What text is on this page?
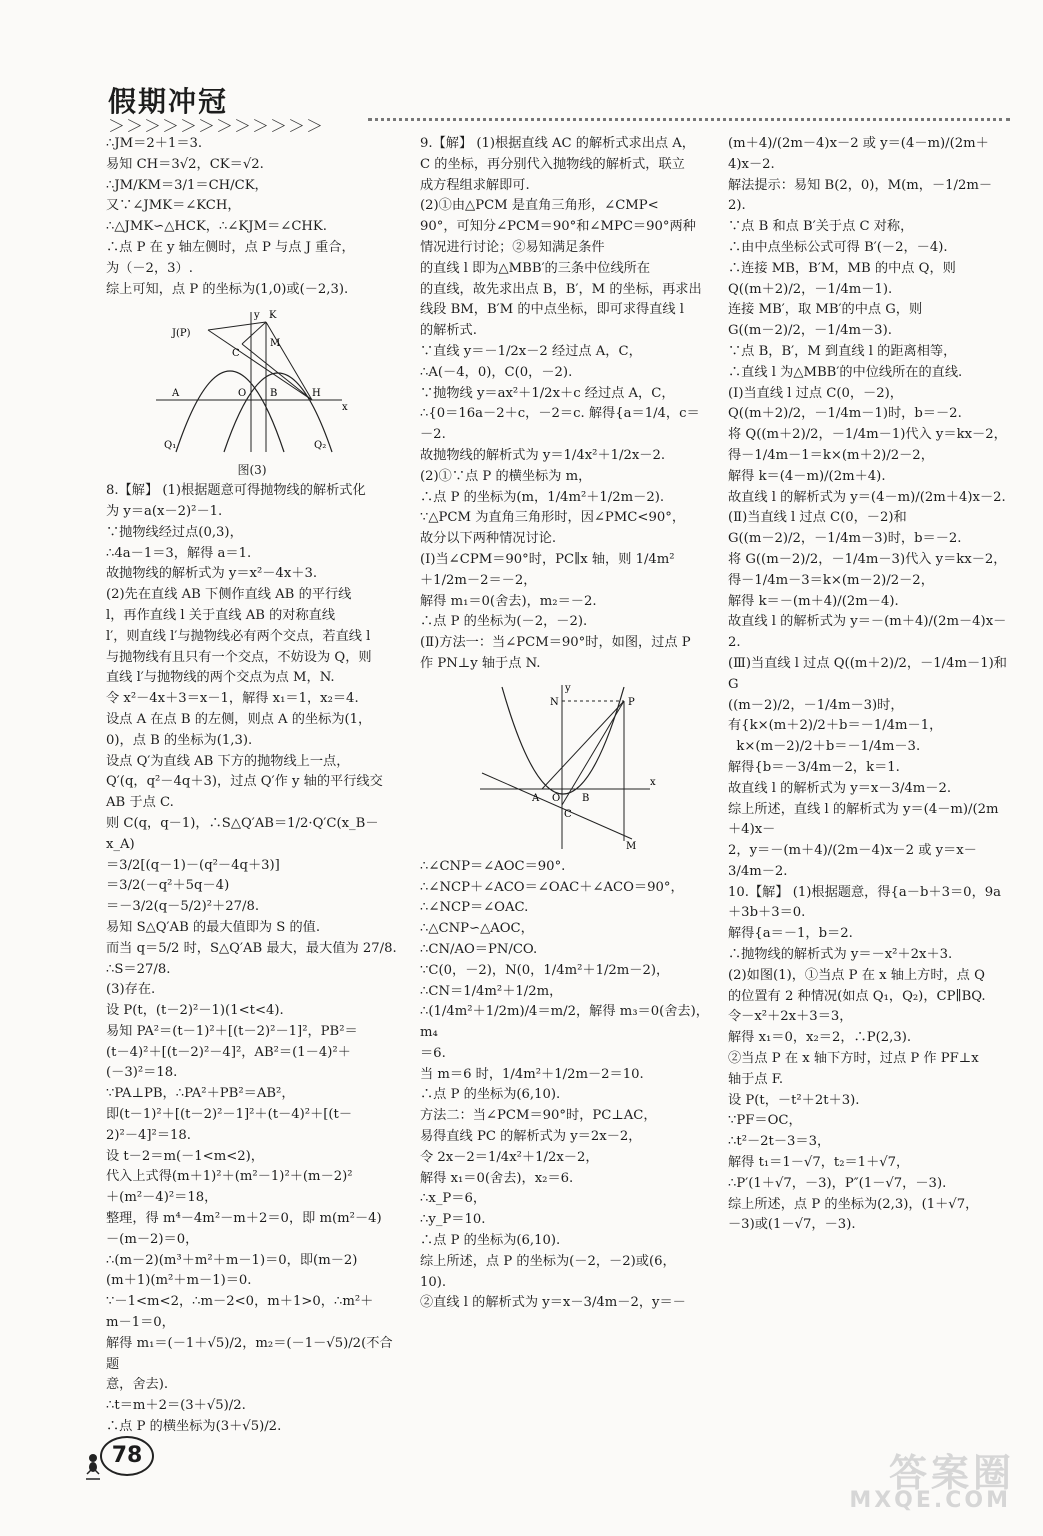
假期冲冠
＞＞＞＞＞＞＞＞＞＞＞＞

∴JM＝2＋1＝3.

易知 CH＝3√2，CK＝√2.

∴JM/KM＝3/1＝CH/CK，

又∵∠JMK＝∠KCH，

∴△JMK∽△HCK，∴∠KJM＝∠CHK.

∴点 P 在 y 轴左侧时，点 P 与点 J 重合，

为（－2，3）.

综上可知，点 P 的坐标为(1,0)或(－2,3).

y K
J(P)
C
M
A	O B	H
x
Q₁	Q₂
图(3)

8.【解】 (1)根据题意可得抛物线的解析式化

为 y＝a(x－2)²－1.

∵抛物线经过点(0,3)，

∴4a－1＝3，解得 a＝1.

故抛物线的解析式为 y＝x²－4x＋3.

(2)先在直线 AB 下侧作直线 AB 的平行线

l，再作直线 l 关于直线 AB 的对称直线

l′，则直线 l′与抛物线必有两个交点，若直线 l

与抛物线有且只有一个交点，不妨设为 Q，则

直线 l′与抛物线的两个交点为点 M，N.

令 x²－4x＋3＝x－1，解得 x₁＝1，x₂＝4.

设点 A 在点 B 的左侧，则点 A 的坐标为(1，

0)，点 B 的坐标为(1,3).

设点 Q′为直线 AB 下方的抛物线上一点，

Q′(q，q²－4q＋3)，过点 Q′作 y 轴的平行线交

AB 于点 C.

则 C(q，q－1)，∴S△Q′AB＝1/2·Q′C(x_B－x_A)

＝3/2[(q－1)－(q²－4q＋3)]

＝3/2(－q²＋5q－4)

＝－3/2(q－5/2)²＋27/8.

易知 S△Q′AB 的最大值即为 S 的值.

而当 q＝5/2 时，S△Q′AB 最大，最大值为 27/8.

∴S＝27/8.

(3)存在.

设 P(t，(t－2)²－1)(1<t<4).

易知 PA²＝(t－1)²＋[(t－2)²－1]²，PB²＝

(t－4)²＋[(t－2)²－4]²，AB²＝(1－4)²＋

(－3)²＝18.

∵PA⊥PB，∴PA²＋PB²＝AB²，

即(t－1)²＋[(t－2)²－1]²＋(t－4)²＋[(t－

2)²－4]²＝18.

设 t－2＝m(－1<m<2)，

代入上式得(m＋1)²＋(m²－1)²＋(m－2)²

＋(m²－4)²＝18，

整理，得 m⁴－4m²－m＋2＝0，即 m(m²－4)

－(m－2)＝0，

∴(m－2)(m³＋m²＋m－1)＝0，即(m－2)

(m＋1)(m²＋m－1)＝0.

∵－1<m<2，∴m－2<0，m＋1>0，∴m²＋

m－1＝0，

解得 m₁＝(－1＋√5)/2，m₂＝(－1－√5)/2(不合题

意，舍去).

∴t＝m＋2＝(3＋√5)/2.

∴点 P 的横坐标为(3＋√5)/2.

9.【解】 (1)根据直线 AC 的解析式求出点 A，

C 的坐标，再分别代入抛物线的解析式，联立

成方程组求解即可.

(2)①由△PCM 是直角三角形，∠CMP<

90°，可知分∠PCM＝90°和∠MPC＝90°两种

情况进行讨论；②易知满足条件

的直线 l 即为△MBB′的三条中位线所在

的直线，故先求出点 B，B′，M 的坐标，再求出

线段 BM，B′M 的中点坐标，即可求得直线 l

的解析式.

∵直线 y＝－1/2x－2 经过点 A，C，

∴A(－4，0)，C(0，－2).

∵抛物线 y＝ax²＋1/2x＋c 经过点 A，C，

∴{0＝16a－2＋c，－2＝c. 解得{a＝1/4，c＝－2.

故抛物线的解析式为 y＝1/4x²＋1/2x－2.

(2)①∵点 P 的横坐标为 m，

∴点 P 的坐标为(m，1/4m²＋1/2m－2).

∵△PCM 为直角三角形时，因∠PMC<90°，

故分以下两种情况讨论.

(Ⅰ)当∠CPM＝90°时，PC∥x 轴，则 1/4m²

＋1/2m－2＝－2，

解得 m₁＝0(舍去)，m₂＝－2.

∴点 P 的坐标为(－2，－2).

(Ⅱ)方法一：当∠PCM＝90°时，如图，过点 P

作 PN⊥y 轴于点 N.

y
N	P
A O B
x
C
M

∴∠CNP＝∠AOC＝90°.

∴∠NCP＋∠ACO＝∠OAC＋∠ACO＝90°，

∴∠NCP＝∠OAC.

∴△CNP∽△AOC，

∴CN/AO＝PN/CO.

∵C(0，－2)，N(0，1/4m²＋1/2m－2)，

∴CN＝1/4m²＋1/2m，

∴(1/4m²＋1/2m)/4＝m/2，解得 m₃＝0(舍去)，m₄

＝6.

当 m＝6 时，1/4m²＋1/2m－2＝10.

∴点 P 的坐标为(6,10).

方法二：当∠PCM＝90°时，PC⊥AC，

易得直线 PC 的解析式为 y＝2x－2，

令 2x－2＝1/4x²＋1/2x－2，

解得 x₁＝0(舍去)，x₂＝6.

∴x_P＝6，

∴y_P＝10.

∴点 P 的坐标为(6,10).

综上所述，点 P 的坐标为(－2，－2)或(6，

10).

②直线 l 的解析式为 y＝x－3/4m－2，y＝－

(m＋4)/(2m－4)x－2 或 y＝(4－m)/(2m＋4)x－2.

解法提示：易知 B(2，0)，M(m，－1/2m－2).

∵点 B 和点 B′关于点 C 对称，

∴由中点坐标公式可得 B′(－2，－4).

∴连接 MB，B′M，MB 的中点 Q，则

Q((m＋2)/2，－1/4m－1).

连接 MB′，取 MB′的中点 G，则

G((m－2)/2，－1/4m－3).

∵点 B，B′，M 到直线 l 的距离相等，

∴直线 l 为△MBB′的中位线所在的直线.

(Ⅰ)当直线 l 过点 C(0，－2)，

Q((m＋2)/2，－1/4m－1)时，b＝－2.

将 Q((m＋2)/2，－1/4m－1)代入 y＝kx－2，

得－1/4m－1＝k×(m＋2)/2－2，

解得 k＝(4－m)/(2m＋4).

故直线 l 的解析式为 y＝(4－m)/(2m＋4)x－2.

(Ⅱ)当直线 l 过点 C(0，－2)和

G((m－2)/2，－1/4m－3)时，b＝－2.

将 G((m－2)/2，－1/4m－3)代入 y＝kx－2，

得－1/4m－3＝k×(m－2)/2－2，

解得 k＝－(m＋4)/(2m－4).

故直线 l 的解析式为 y＝－(m＋4)/(2m－4)x－2.

(Ⅲ)当直线 l 过点 Q((m＋2)/2，－1/4m－1)和 G

((m－2)/2，－1/4m－3)时，

有{k×(m＋2)/2＋b＝－1/4m－1，

k×(m－2)/2＋b＝－1/4m－3.

解得{b＝－3/4m－2，k＝1.

故直线 l 的解析式为 y＝x－3/4m－2.

综上所述，直线 l 的解析式为 y＝(4－m)/(2m＋4)x－

2，y＝－(m＋4)/(2m－4)x－2 或 y＝x－3/4m－2.

10.【解】 (1)根据题意，得{a－b＋3＝0，9a＋3b＋3＝0.

解得{a＝－1，b＝2.

∴抛物线的解析式为 y＝－x²＋2x＋3.

(2)如图(1)，①当点 P 在 x 轴上方时，点 Q

的位置有 2 种情况(如点 Q₁，Q₂)，CP∥BQ.

令－x²＋2x＋3＝3，

解得 x₁＝0，x₂＝2，∴P(2,3).

②当点 P 在 x 轴下方时，过点 P 作 PF⊥x

轴于点 F.

设 P(t，－t²＋2t＋3).

∵PF＝OC，

∴t²－2t－3＝3，

解得 t₁＝1－√7，t₂＝1＋√7，

∴P′(1＋√7，－3)，P″(1－√7，－3).

综上所述，点 P 的坐标为(2,3)，(1＋√7，

－3)或(1－√7，－3).

78	答案圈
MXQE.COM
